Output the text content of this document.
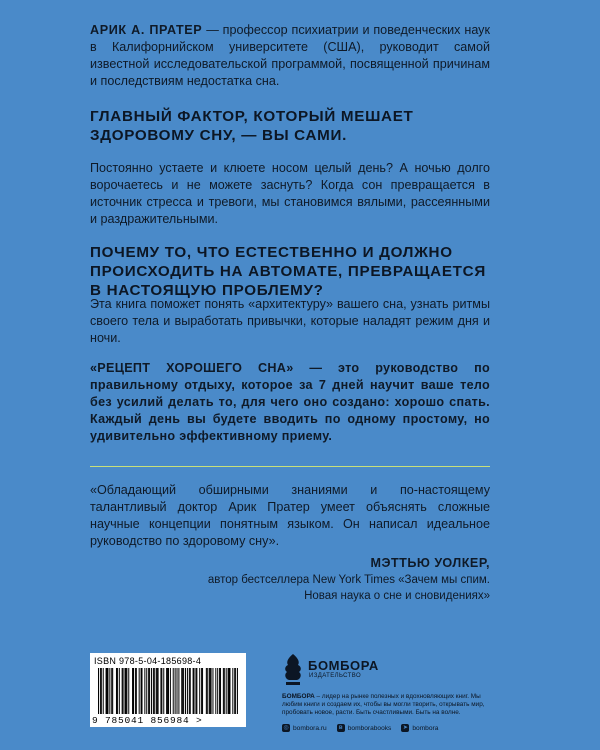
АРИК А. ПРАТЕР — профессор психиатрии и поведенческих наук в Калифорнийском университете (США), руководит самой известной исследовательской программой, посвященной причинам и последствиям недостатка сна.
ГЛАВНЫЙ ФАКТОР, КОТОРЫЙ МЕШАЕТ ЗДОРОВОМУ СНУ, — ВЫ САМИ.
Постоянно устаете и клюете носом целый день? А ночью долго ворочаетесь и не можете заснуть? Когда сон превращается в источник стресса и тревоги, мы становимся вялыми, рассеянными и раздражительными.
ПОЧЕМУ ТО, ЧТО ЕСТЕСТВЕННО И ДОЛЖНО ПРОИСХОДИТЬ НА АВТОМАТЕ, ПРЕВРАЩАЕТСЯ В НАСТОЯЩУЮ ПРОБЛЕМУ?
Эта книга поможет понять «архитектуру» вашего сна, узнать ритмы своего тела и выработать привычки, которые наладят режим дня и ночи.
«РЕЦЕПТ ХОРОШЕГО СНА» — это руководство по правильному отдыху, которое за 7 дней научит ваше тело без усилий делать то, для чего оно создано: хорошо спать. Каждый день вы будете вводить по одному простому, но удивительно эффективному приему.
«Обладающий обширными знаниями и по-настоящему талантливый доктор Арик Пратер умеет объяснять сложные научные концепции понятным языком. Он написал идеальное руководство по здоровому сну».
МЭТТЬЮ УОЛКЕР,
автор бестселлера New York Times «Зачем мы спим. Новая наука о сне и сновидениях»
ISBN 978-5-04-185698-4
9 785041 856984 >
БОМБОРА
ИЗДАТЕЛЬСТВО
БОМБОРА – лидер на рынке полезных и вдохновляющих книг. Мы любим книги и создаем их, чтобы вы могли творить, открывать мир, пробовать новое, расти. Быть счастливыми. Быть на волне.
◎ bombora.ru	в bomborabooks ➤ bombora
